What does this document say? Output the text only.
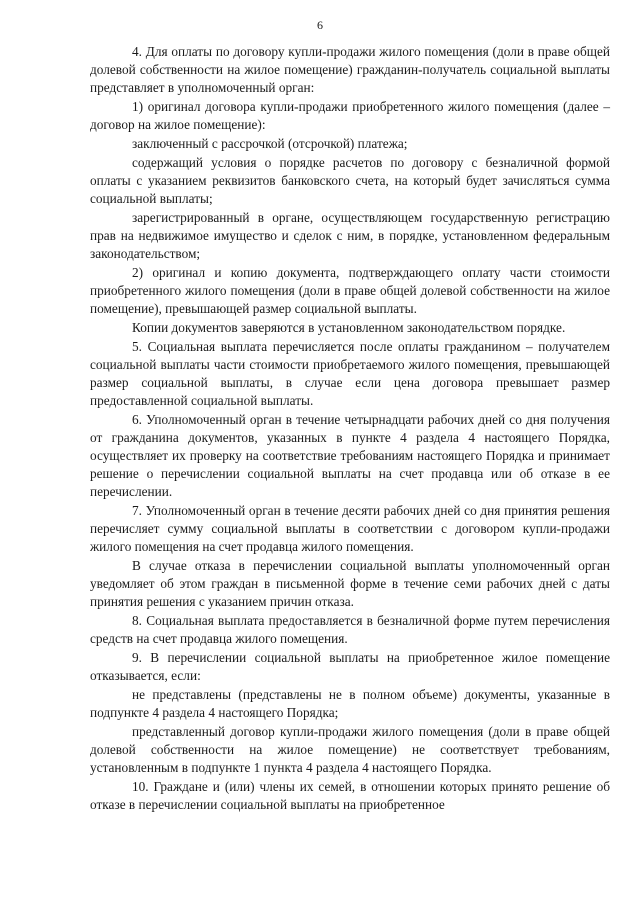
6

4. Для оплаты по договору купли-продажи жилого помещения (доли в праве общей долевой собственности на жилое помещение) гражданин-получатель социальной выплаты представляет в уполномоченный орган:

1) оригинал договора купли-продажи приобретенного жилого помещения (далее – договор на жилое помещение):

заключенный с рассрочкой (отсрочкой) платежа;

содержащий условия о порядке расчетов по договору с безналичной формой оплаты с указанием реквизитов банковского счета, на который будет зачисляться сумма социальной выплаты;

зарегистрированный в органе, осуществляющем государственную регистрацию прав на недвижимое имущество и сделок с ним, в порядке, установленном федеральным законодательством;

2) оригинал и копию документа, подтверждающего оплату части стоимости приобретенного жилого помещения (доли в праве общей долевой собственности на жилое помещение), превышающей размер социальной выплаты.

Копии документов заверяются в установленном законодательством порядке.

5. Социальная выплата перечисляется после оплаты гражданином – получателем социальной выплаты части стоимости приобретаемого жилого помещения, превышающей размер социальной выплаты, в случае если цена договора превышает размер предоставленной социальной выплаты.

6. Уполномоченный орган в течение четырнадцати рабочих дней со дня получения от гражданина документов, указанных в пункте 4 раздела 4 настоящего Порядка, осуществляет их проверку на соответствие требованиям настоящего Порядка и принимает решение о перечислении социальной выплаты на счет продавца или об отказе в ее перечислении.

7. Уполномоченный орган в течение десяти рабочих дней со дня принятия решения перечисляет сумму социальной выплаты в соответствии с договором купли-продажи жилого помещения на счет продавца жилого помещения.

В случае отказа в перечислении социальной выплаты уполномоченный орган уведомляет об этом граждан в письменной форме в течение семи рабочих дней с даты принятия решения с указанием причин отказа.

8. Социальная выплата предоставляется в безналичной форме путем перечисления средств на счет продавца жилого помещения.

9. В перечислении социальной выплаты на приобретенное жилое помещение отказывается, если:

не представлены (представлены не в полном объеме) документы, указанные в подпункте 4 раздела 4 настоящего Порядка;

представленный договор купли-продажи жилого помещения (доли в праве общей долевой собственности на жилое помещение) не соответствует требованиям, установленным в подпункте 1 пункта 4 раздела 4 настоящего Порядка.

10. Граждане и (или) члены их семей, в отношении которых принято решение об отказе в перечислении социальной выплаты на приобретенное
